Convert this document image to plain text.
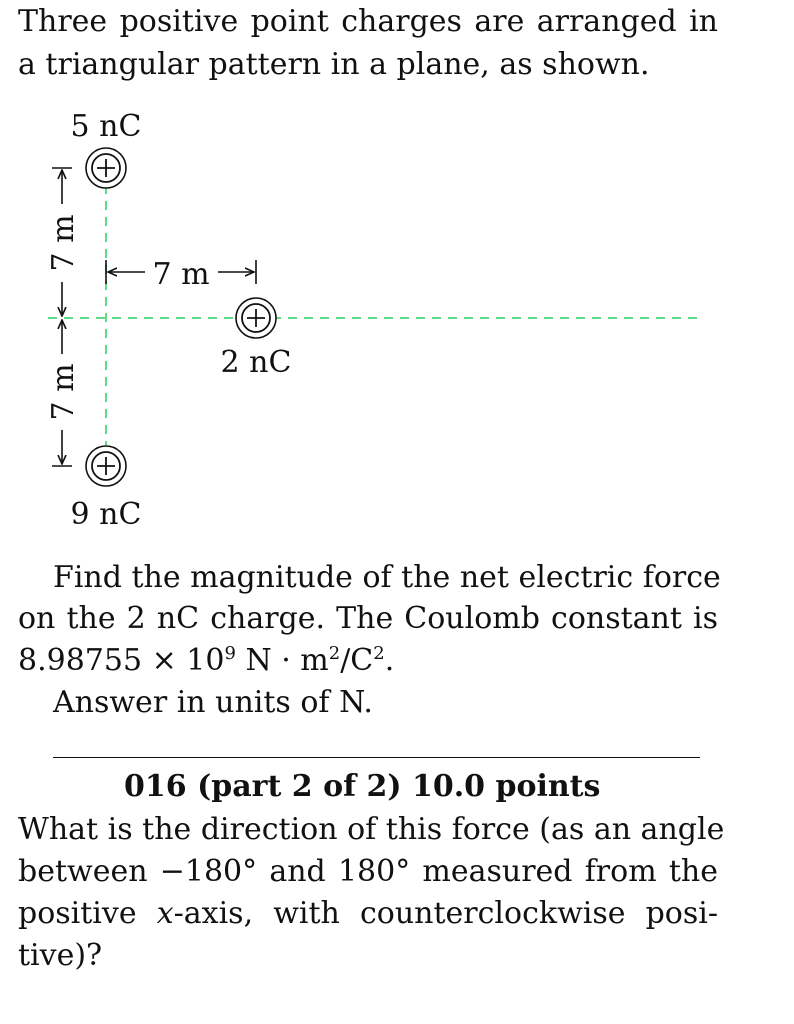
Three positive point charges are arranged in
a triangular pattern in a plane, as shown.
5 nC
2 nC
9 nC
7 m
7 m
7 m
Find the magnitude of the net electric force
on the 2 nC charge. The Coulomb constant is
$8.98755 \times 10^9$ $N \cdot m^2/C^2$.
Answer in units of N.
016 (part 2 of 2) 10.0 points
What is the direction of this force (as an angle
between −180° and 180° measured from the
positive x-axis, with counterclockwise posi-
tive)?
